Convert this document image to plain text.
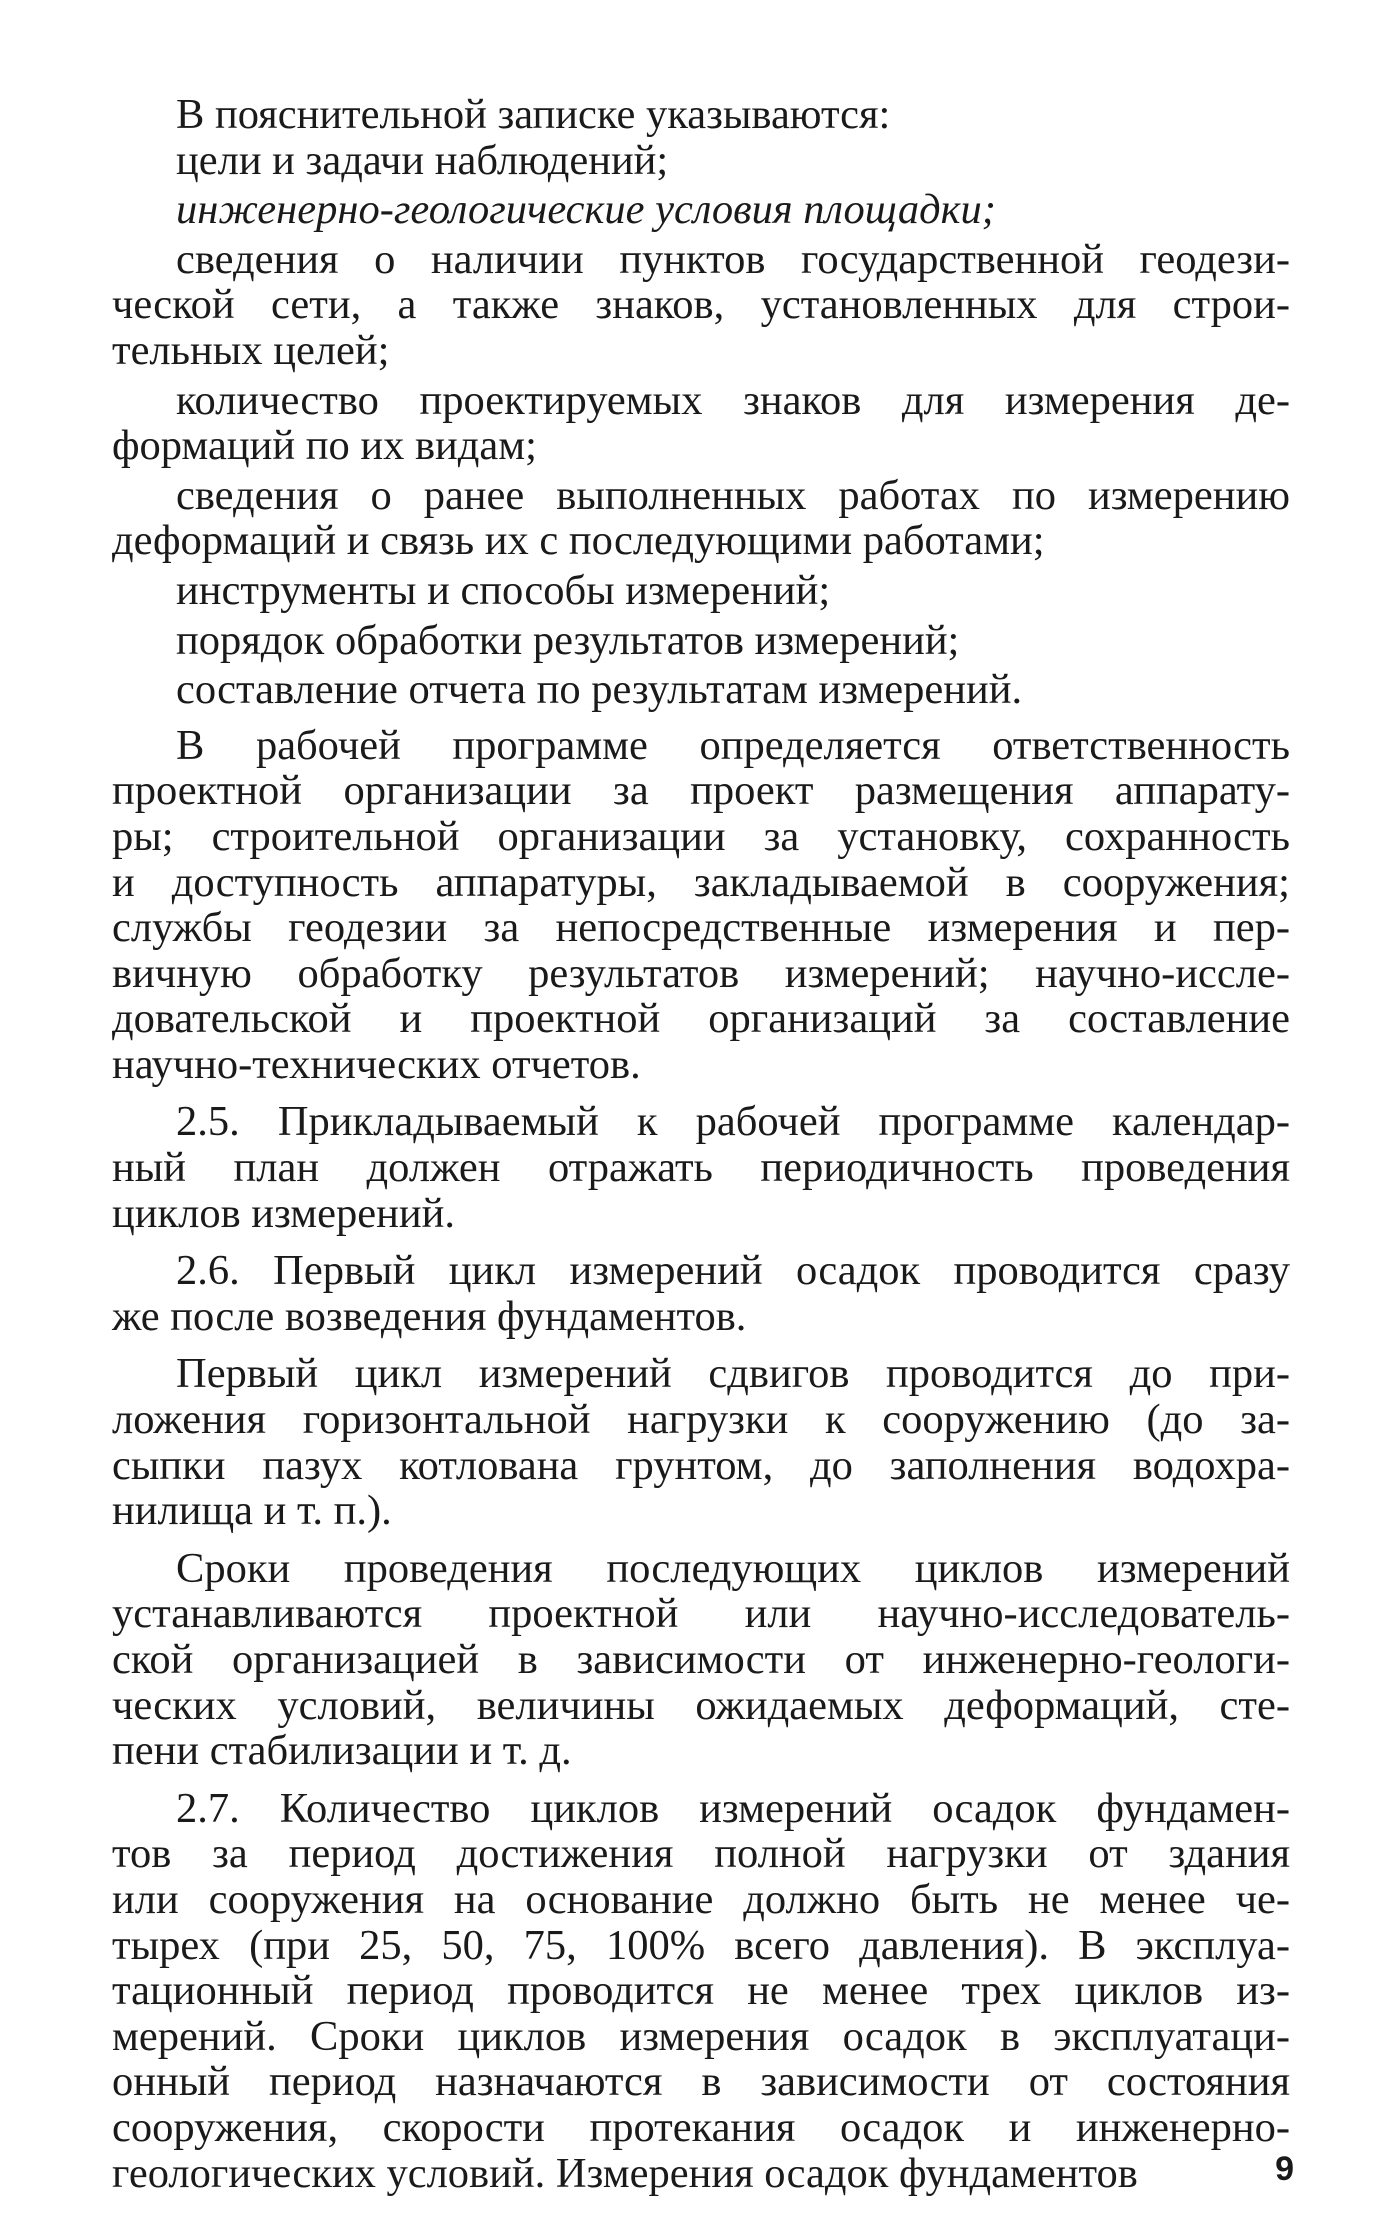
В пояснительной записке указываются:
цели и задачи наблюдений;
инженерно-геологические условия площадки;
сведения о наличии пунктов государственной геодези-
ческой сети, а также знаков, установленных для строи-
тельных целей;
количество проектируемых знаков для измерения де-
формаций по их видам;
сведения о ранее выполненных работах по измерению
деформаций и связь их с последующими работами;
инструменты и способы измерений;
порядок обработки результатов измерений;
составление отчета по результатам измерений.
В рабочей программе определяется ответственность
проектной организации за проект размещения аппарату-
ры; строительной организации за установку, сохранность
и доступность аппаратуры, закладываемой в сооружения;
службы геодезии за непосредственные измерения и пер-
вичную обработку результатов измерений; научно-иссле-
довательской и проектной организаций за составление
научно-технических отчетов.
2.5. Прикладываемый к рабочей программе календар-
ный план должен отражать периодичность проведения
циклов измерений.
2.6. Первый цикл измерений осадок проводится сразу
же после возведения фундаментов.
Первый цикл измерений сдвигов проводится до при-
ложения горизонтальной нагрузки к сооружению (до за-
сыпки пазух котлована грунтом, до заполнения водохра-
нилища и т. п.).
Сроки проведения последующих циклов измерений
устанавливаются проектной или научно-исследователь-
ской организацией в зависимости от инженерно-геологи-
ческих условий, величины ожидаемых деформаций, сте-
пени стабилизации и т. д.
2.7. Количество циклов измерений осадок фундамен-
тов за период достижения полной нагрузки от здания
или сооружения на основание должно быть не менее че-
тырех (при 25, 50, 75, 100% всего давления). В эксплуа-
тационный период проводится не менее трех циклов из-
мерений. Сроки циклов измерения осадок в эксплуатаци-
онный период назначаются в зависимости от состояния
сооружения, скорости протекания осадок и инженерно-
геологических условий. Измерения осадок фундаментов	9
